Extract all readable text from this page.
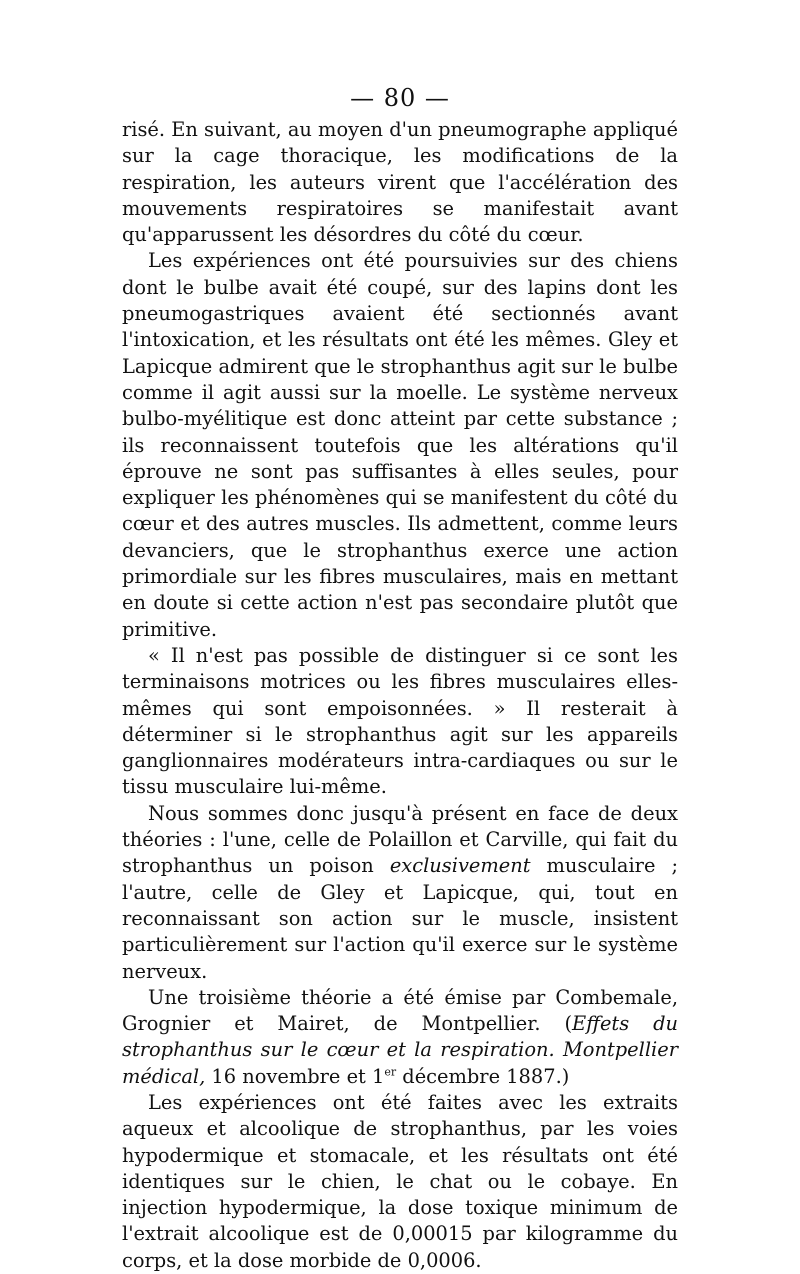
— 80 —

risé. En suivant, au moyen d'un pneumographe appliqué sur la cage thoracique, les modifications de la respiration, les auteurs virent que l'accélération des mouvements respiratoires se manifestait avant qu'apparussent les désordres du côté du cœur.

Les expériences ont été poursuivies sur des chiens dont le bulbe avait été coupé, sur des lapins dont les pneumogastriques avaient été sectionnés avant l'intoxication, et les résultats ont été les mêmes. Gley et Lapicque admirent que le strophanthus agit sur le bulbe comme il agit aussi sur la moelle. Le système nerveux bulbo-myélitique est donc atteint par cette substance ; ils reconnaissent toutefois que les altérations qu'il éprouve ne sont pas suffisantes à elles seules, pour expliquer les phénomènes qui se manifestent du côté du cœur et des autres muscles. Ils admettent, comme leurs devanciers, que le strophanthus exerce une action primordiale sur les fibres musculaires, mais en mettant en doute si cette action n'est pas secondaire plutôt que primitive.

« Il n'est pas possible de distinguer si ce sont les terminaisons motrices ou les fibres musculaires elles-mêmes qui sont empoisonnées. » Il resterait à déterminer si le strophanthus agit sur les appareils ganglionnaires modérateurs intra-cardiaques ou sur le tissu musculaire lui-même.

Nous sommes donc jusqu'à présent en face de deux théories : l'une, celle de Polaillon et Carville, qui fait du strophanthus un poison exclusivement musculaire ; l'autre, celle de Gley et Lapicque, qui, tout en reconnaissant son action sur le muscle, insistent particulièrement sur l'action qu'il exerce sur le système nerveux.

Une troisième théorie a été émise par Combemale, Grognier et Mairet, de Montpellier. (Effets du strophanthus sur le cœur et la respiration. Montpellier médical, 16 novembre et 1er décembre 1887.)

Les expériences ont été faites avec les extraits aqueux et alcoolique de strophanthus, par les voies hypodermique et stomacale, et les résultats ont été identiques sur le chien, le chat ou le cobaye. En injection hypodermique, la dose toxique minimum de l'extrait alcoolique est de 0,00015 par kilogramme du corps, et la dose morbide de 0,0006.
